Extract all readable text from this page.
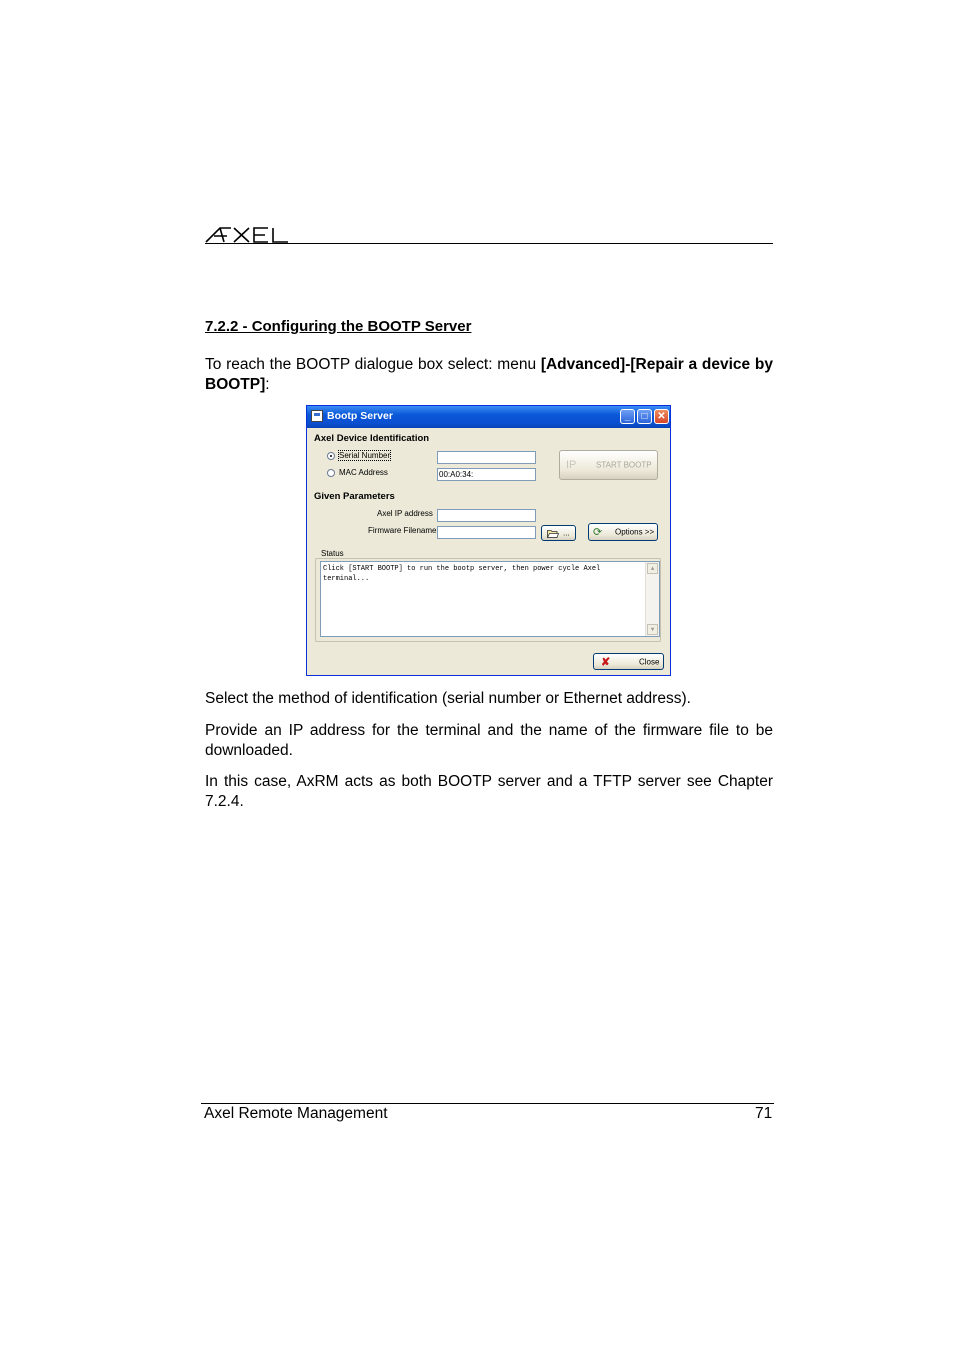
7.2.2 - Configuring the BOOTP Server
To reach the BOOTP dialogue box select: menu [Advanced]-[Repair a device by BOOTP]:
Bootp Server	_	□ ✕
Axel Device Identification
Serial Number
MAC Address	00:A0:34:
IP START BOOTP
Given Parameters
Axel IP address
Firmware Filename	... ⟳ Options >>
Status
Click [START BOOTP] to run the bootp server, then power cycle Axel terminal...
▲
▼
✘	Close
Select the method of identification (serial number or Ethernet address).
Provide an IP address for the terminal and the name of the firmware file to be downloaded.
In this case, AxRM acts as both BOOTP server and a TFTP server see Chapter 7.2.4.
Axel Remote Management	71
